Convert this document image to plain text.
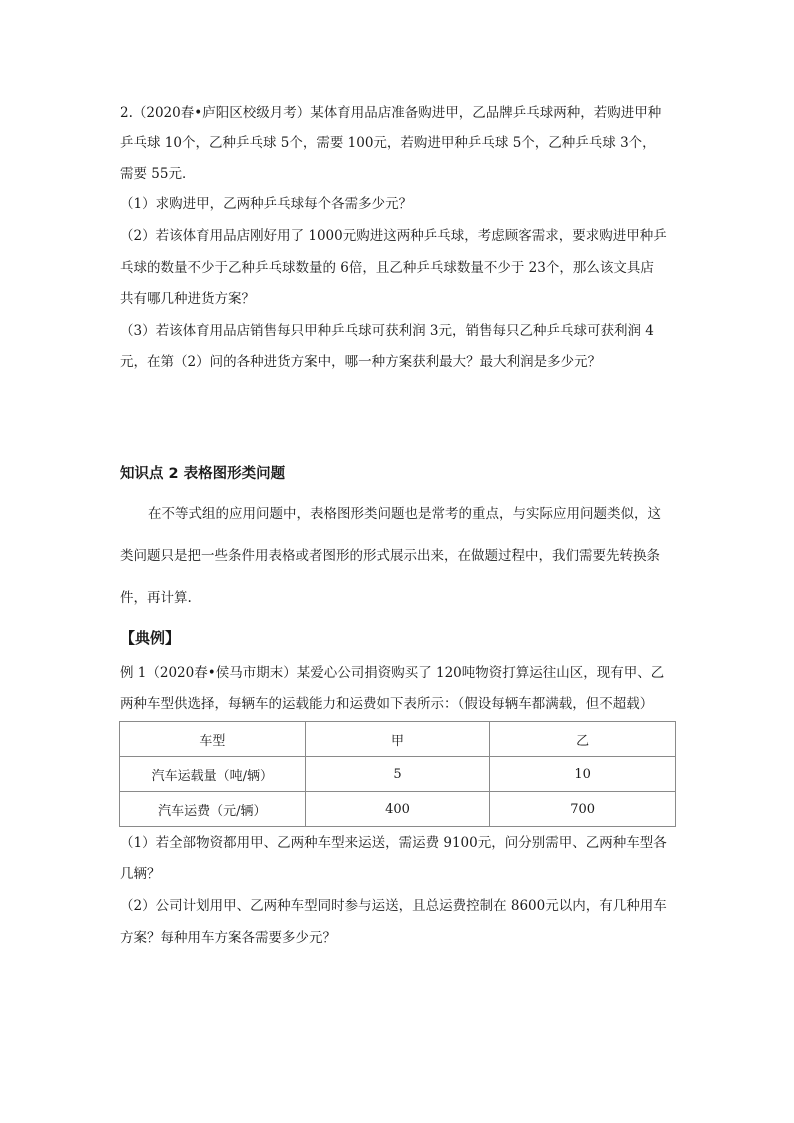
2.（2020春•庐阳区校级月考）某体育用品店准备购进甲，乙品牌乒乓球两种，若购进甲种
乒乓球 10个，乙种乒乓球 5个，需要 100元，若购进甲种乒乓球 5个，乙种乒乓球 3个，
需要 55元．
（1）求购进甲，乙两种乒乓球每个各需多少元？
（2）若该体育用品店刚好用了 1000元购进这两种乒乓球，考虑顾客需求，要求购进甲种乒
乓球的数量不少于乙种乒乓球数量的 6倍，且乙种乒乓球数量不少于 23个，那么该文具店
共有哪几种进货方案？
（3）若该体育用品店销售每只甲种乒乓球可获利润 3元，销售每只乙种乒乓球可获利润 4
元，在第（2）问的各种进货方案中，哪一种方案获利最大？最大利润是多少元？
知识点 2 表格图形类问题
在不等式组的应用问题中，表格图形类问题也是常考的重点，与实际应用问题类似，这
类问题只是把一些条件用表格或者图形的形式展示出来，在做题过程中，我们需要先转换条
件，再计算.
【典例】
例 1（2020春•侯马市期末）某爱心公司捐资购买了 120吨物资打算运往山区，现有甲、乙
两种车型供选择，每辆车的运载能力和运费如下表所示：（假设每辆车都满载，但不超载）
车型	甲	乙
汽车运载量（吨/辆）	5	10
汽车运费（元/辆）	400	700
（1）若全部物资都用甲、乙两种车型来运送，需运费 9100元，问分别需甲、乙两种车型各
几辆？
（2）公司计划用甲、乙两种车型同时参与运送，且总运费控制在 8600元以内，有几种用车
方案？每种用车方案各需要多少元？
